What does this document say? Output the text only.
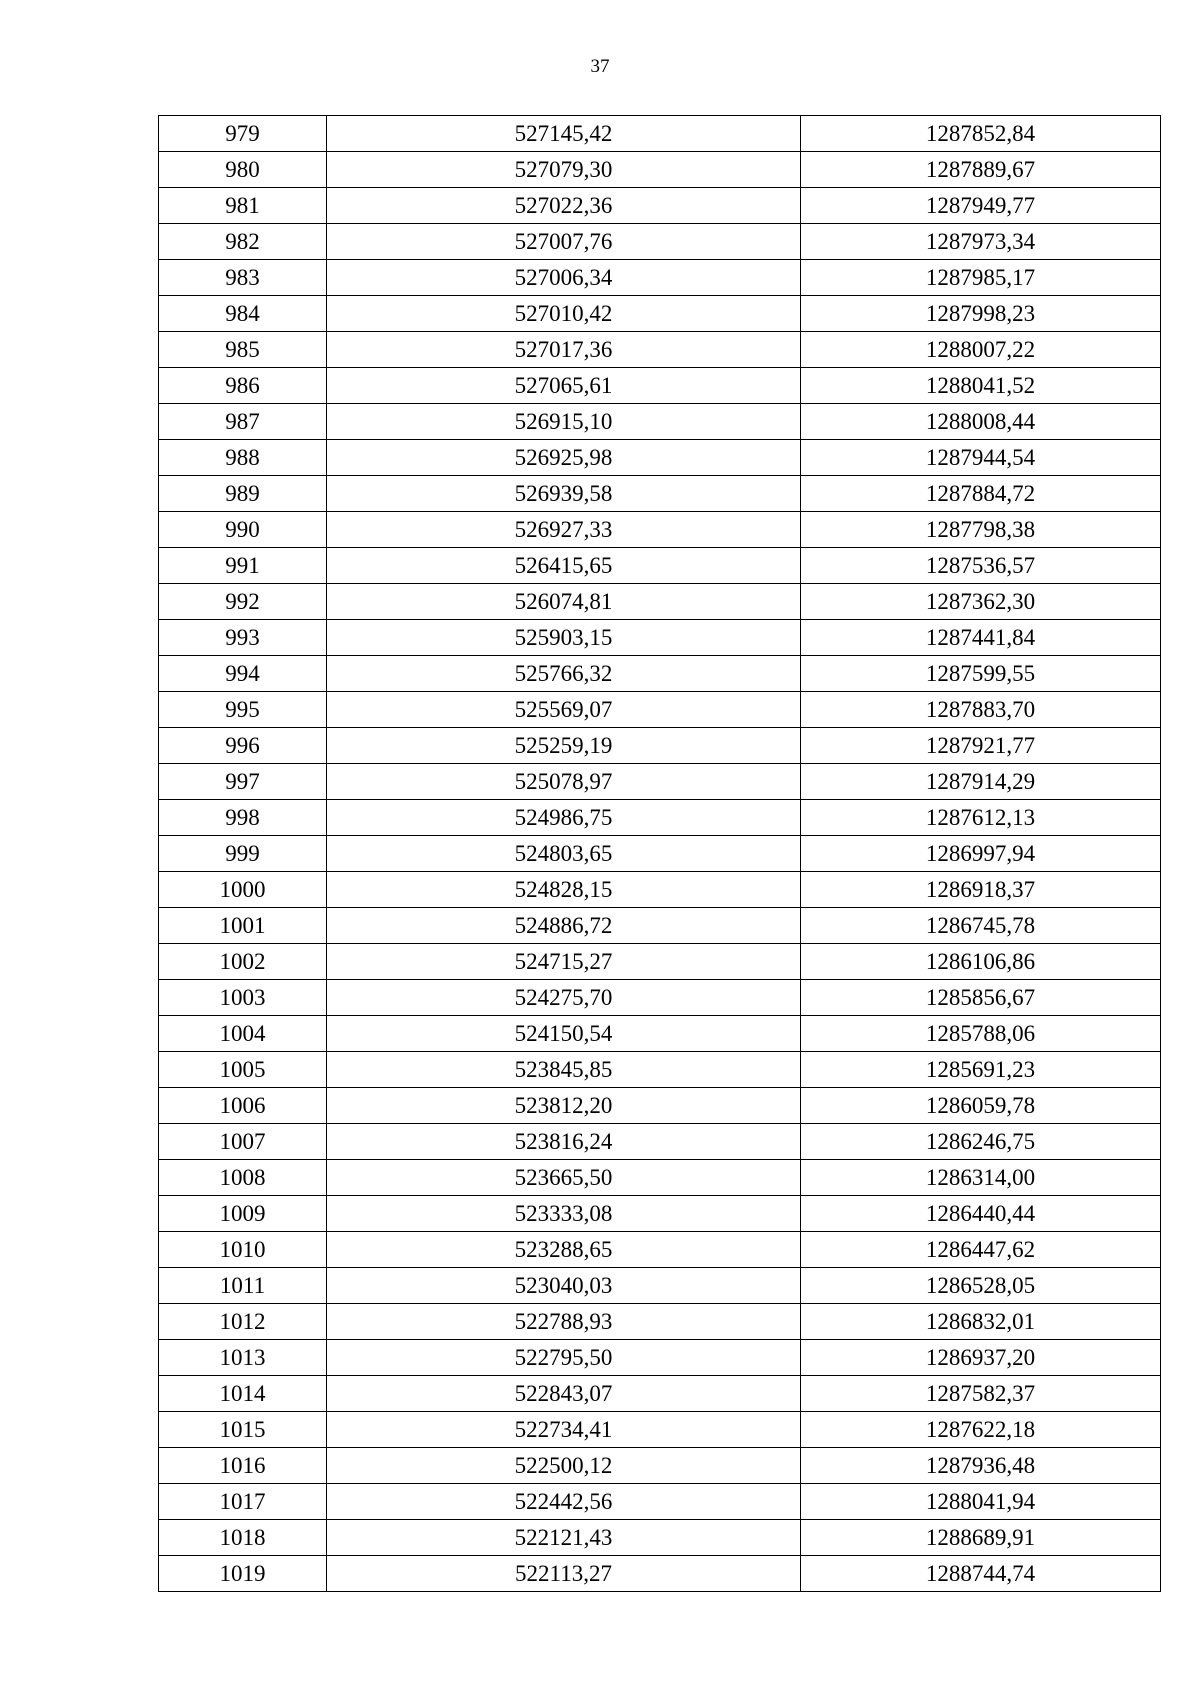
37
979	527145,42	1287852,84
980	527079,30	1287889,67
981	527022,36	1287949,77
982	527007,76	1287973,34
983	527006,34	1287985,17
984	527010,42	1287998,23
985	527017,36	1288007,22
986	527065,61	1288041,52
987	526915,10	1288008,44
988	526925,98	1287944,54
989	526939,58	1287884,72
990	526927,33	1287798,38
991	526415,65	1287536,57
992	526074,81	1287362,30
993	525903,15	1287441,84
994	525766,32	1287599,55
995	525569,07	1287883,70
996	525259,19	1287921,77
997	525078,97	1287914,29
998	524986,75	1287612,13
999	524803,65	1286997,94
1000	524828,15	1286918,37
1001	524886,72	1286745,78
1002	524715,27	1286106,86
1003	524275,70	1285856,67
1004	524150,54	1285788,06
1005	523845,85	1285691,23
1006	523812,20	1286059,78
1007	523816,24	1286246,75
1008	523665,50	1286314,00
1009	523333,08	1286440,44
1010	523288,65	1286447,62
1011	523040,03	1286528,05
1012	522788,93	1286832,01
1013	522795,50	1286937,20
1014	522843,07	1287582,37
1015	522734,41	1287622,18
1016	522500,12	1287936,48
1017	522442,56	1288041,94
1018	522121,43	1288689,91
1019	522113,27	1288744,74
